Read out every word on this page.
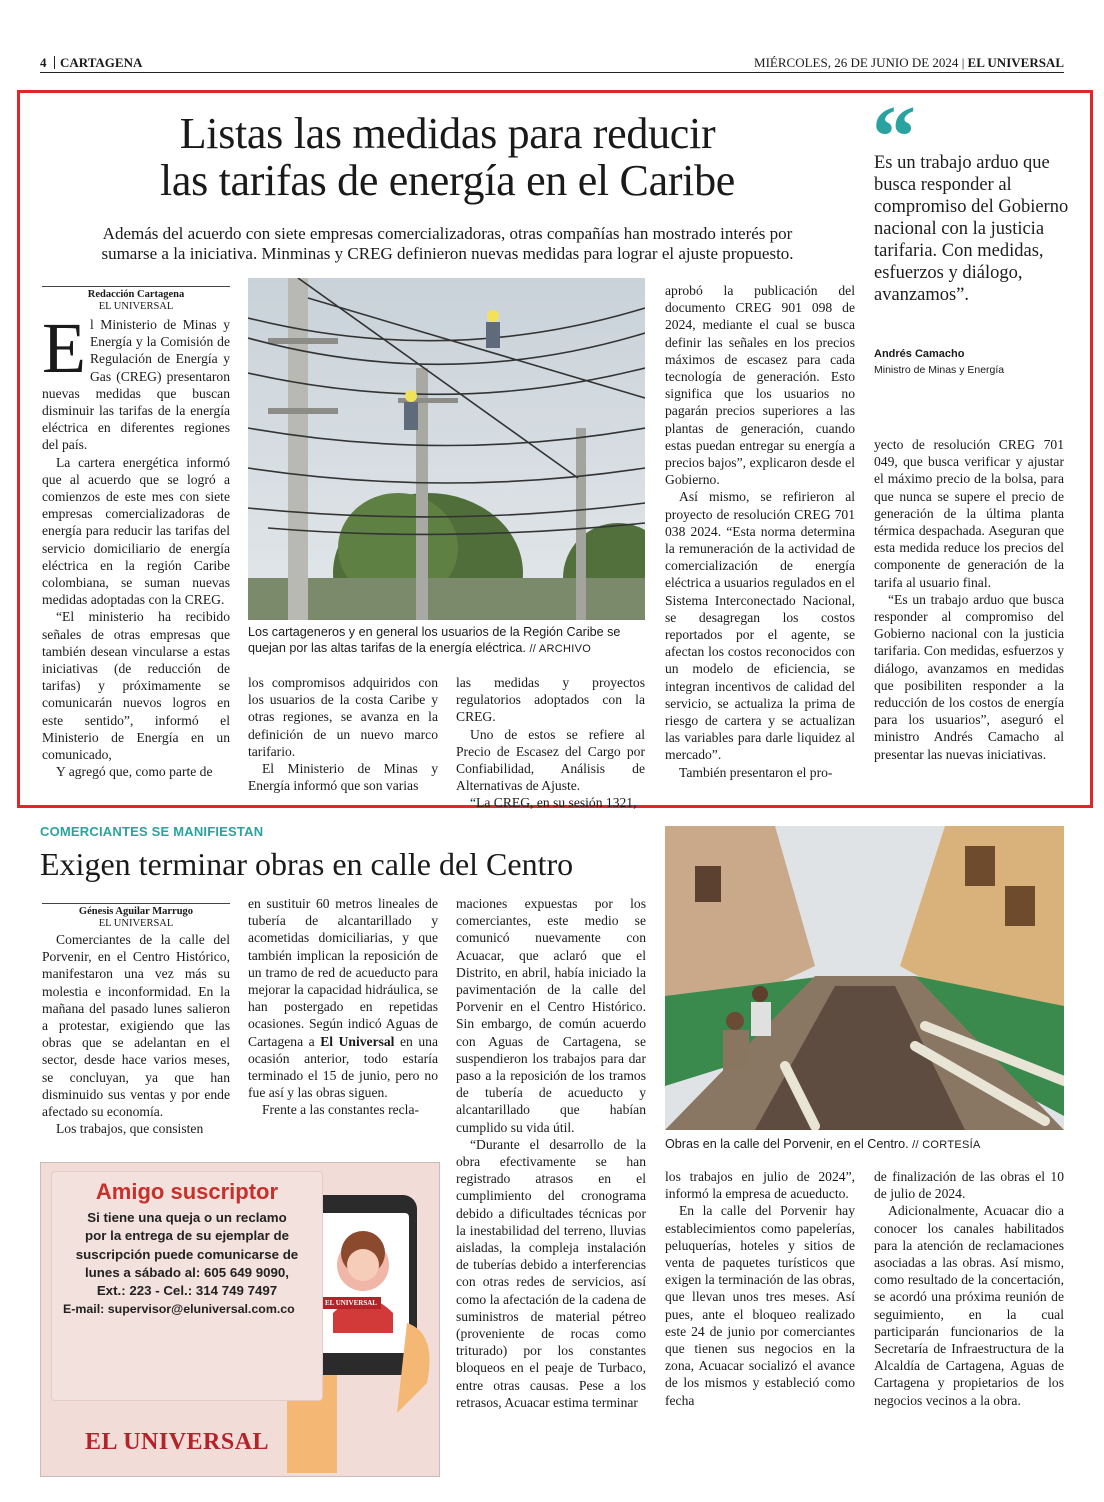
4 CARTAGENA	MIÉRCOLES, 26 DE JUNIO DE 2024 | EL UNIVERSAL
Listas las medidas para reducir
las tarifas de energía en el Caribe
Además del acuerdo con siete empresas comercializadoras, otras compañías han mostrado interés por
sumarse a la iniciativa. Minminas y CREG definieron nuevas medidas para lograr el ajuste propuesto.
Redacción Cartagena
EL UNIVERSAL

El Ministerio de Minas y Energía y la Comisión de Regulación de Energía y Gas (CREG) presentaron nuevas medidas que buscan disminuir las tarifas de la energía eléctrica en diferentes regiones del país.

La cartera energética informó que al acuerdo que se logró a comienzos de este mes con siete empresas comercializadoras de energía para reducir las tarifas del servicio domiciliario de energía eléctrica en la región Caribe colombiana, se suman nuevas medidas adoptadas con la CREG.

“El ministerio ha recibido señales de otras empresas que también desean vincularse a estas iniciativas (de reducción de tarifas) y próximamente se comunicarán nuevos logros en este sentido”, informó el Ministerio de Energía en un comunicado,

Y agregó que, como parte de

Los cartageneros y en general los usuarios de la Región Caribe se quejan por las altas tarifas de la energía eléctrica. // ARCHIVO

los compromisos adquiridos con los usuarios de la costa Caribe y otras regiones, se avanza en la definición de un nuevo marco tarifario.

El Ministerio de Minas y Energía informó que son varias

las medidas y proyectos regulatorios adoptados con la CREG.

Uno de estos se refiere al Precio de Escasez del Cargo por Confiabilidad, Análisis de Alternativas de Ajuste.

“La CREG, en su sesión 1321,

aprobó la publicación del documento CREG 901 098 de 2024, mediante el cual se busca definir las señales en los precios máximos de escasez para cada tecnología de generación. Esto significa que los usuarios no pagarán precios superiores a las plantas de generación, cuando estas puedan entregar su energía a precios bajos”, explicaron desde el Gobierno.

Así mismo, se refirieron al proyecto de resolución CREG 701 038 2024. “Esta norma determina la remuneración de la actividad de comercialización de energía eléctrica a usuarios regulados en el Sistema Interconectado Nacional, se desagregan los costos reportados por el agente, se afectan los costos reconocidos con un modelo de eficiencia, se integran incentivos de calidad del servicio, se actualiza la prima de riesgo de cartera y se actualizan las variables para darle liquidez al mercado”.

También presentaron el pro-

“
Es un trabajo arduo que busca responder al compromiso del Gobierno nacional con la justicia tarifaria. Con medidas, esfuerzos y diálogo, avanzamos”.
Andrés Camacho
Ministro de Minas y Energía

yecto de resolución CREG 701 049, que busca verificar y ajustar el máximo precio de la bolsa, para que nunca se supere el precio de generación de la última planta térmica despachada. Aseguran que esta medida reduce los precios del componente de generación de la tarifa al usuario final.

“Es un trabajo arduo que busca responder al compromiso del Gobierno nacional con la justicia tarifaria. Con medidas, esfuerzos y diálogo, avanzamos en medidas que posibiliten responder a la reducción de los costos de energía para los usuarios”, aseguró el ministro Andrés Camacho al presentar las nuevas iniciativas.

COMERCIANTES SE MANIFIESTAN
Exigen terminar obras en calle del Centro
Génesis Aguilar Marrugo
EL UNIVERSAL

Comerciantes de la calle del Porvenir, en el Centro Histórico, manifestaron una vez más su molestia e inconformidad. En la mañana del pasado lunes salieron a protestar, exigiendo que las obras que se adelantan en el sector, desde hace varios meses, se concluyan, ya que han disminuido sus ventas y por ende afectado su economía.

Los trabajos, que consisten

en sustituir 60 metros lineales de tubería de alcantarillado y acometidas domiciliarias, y que también implican la reposición de un tramo de red de acueducto para mejorar la capacidad hidráulica, se han postergado en repetidas ocasiones. Según indicó Aguas de Cartagena a El Universal en una ocasión anterior, todo estaría terminado el 15 de junio, pero no fue así y las obras siguen.

Frente a las constantes recla-

maciones expuestas por los comerciantes, este medio se comunicó nuevamente con Acuacar, que aclaró que el Distrito, en abril, había iniciado la pavimentación de la calle del Porvenir en el Centro Histórico. Sin embargo, de común acuerdo con Aguas de Cartagena, se suspendieron los trabajos para dar paso a la reposición de los tramos de tubería de acueducto y alcantarillado que habían cumplido su vida útil.

“Durante el desarrollo de la obra efectivamente se han registrado atrasos en el cumplimiento del cronograma debido a dificultades técnicas por la inestabilidad del terreno, lluvias aisladas, la compleja instalación de tuberías debido a interferencias con otras redes de servicios, así como la afectación de la cadena de suministros de material pétreo (proveniente de rocas como triturado) por los constantes bloqueos en el peaje de Turbaco, entre otras causas. Pese a los retrasos, Acuacar estima terminar

Obras en la calle del Porvenir, en el Centro. // CORTESÍA

los trabajos en julio de 2024”, informó la empresa de acueducto.

En la calle del Porvenir hay establecimientos como papelerías, peluquerías, hoteles y sitios de venta de paquetes turísticos que exigen la terminación de las obras, que llevan unos tres meses. Así pues, ante el bloqueo realizado este 24 de junio por comerciantes que tienen sus negocios en la zona, Acuacar socializó el avance de los mismos y estableció como fecha

de finalización de las obras el 10 de julio de 2024.

Adicionalmente, Acuacar dio a conocer los canales habilitados para la atención de reclamaciones asociadas a las obras. Así mismo, como resultado de la concertación, se acordó una próxima reunión de seguimiento, en la cual participarán funcionarios de la Secretaría de Infraestructura de la Alcaldía de Cartagena, Aguas de Cartagena y propietarios de los negocios vecinos a la obra.

EL UNIVERSAL
Amigo suscriptor
Si tiene una queja o un reclamo
por la entrega de su ejemplar de
suscripción puede comunicarse de
lunes a sábado al: 605 649 9090,
Ext.: 223 - Cel.: 314 749 7497
E-mail: supervisor@eluniversal.com.co
EL UNIVERSAL
